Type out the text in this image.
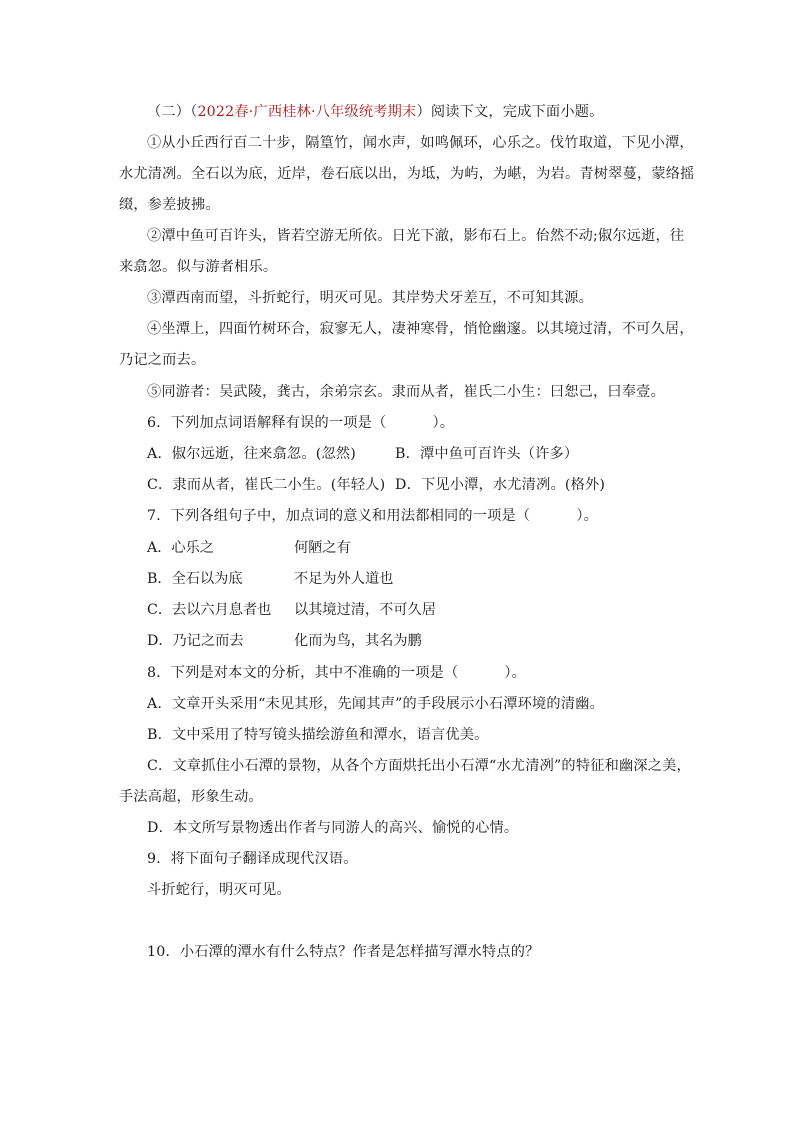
（二）（2022春·广西桂林·八年级统考期末）阅读下文，完成下面小题。
①从小丘西行百二十步，隔篁竹，闻水声，如鸣佩环，心乐之。伐竹取道，下见小潭，
水尤清冽。全石以为底，近岸，卷石底以出，为坻，为屿，为嵁，为岩。青树翠蔓，蒙络摇
缀，参差披拂。
②潭中鱼可百许头，皆若空游无所依。日光下澈，影布石上。佁然不动;俶尔远逝，往
来翕忽。似与游者相乐。
③潭西南而望，斗折蛇行，明灭可见。其岸势犬牙差互，不可知其源。
④坐潭上，四面竹树环合，寂寥无人，凄神寒骨，悄怆幽邃。以其境过清，不可久居，
乃记之而去。
⑤同游者：吴武陵，龚古，余弟宗玄。隶而从者，崔氏二小生：曰恕己，曰奉壹。
6．下列加点词语解释有误的一项是（	）。
A．俶尔远逝，往来翕忽。(忽然)	B．潭中鱼可百许头（许多）
C．隶而从者，崔氏二小生。(年轻人) D．下见小潭，水尤清冽。(格外)
7．下列各组句子中，加点词的意义和用法都相同的一项是（	）。
A．心乐之	何陋之有
B．全石以为底	不足为外人道也
C．去以六月息者也 以其境过清，不可久居
D．乃记之而去	化而为鸟，其名为鹏
8．下列是对本文的分析，其中不准确的一项是（	）。
A．文章开头采用“未见其形，先闻其声”的手段展示小石潭环境的清幽。
B．文中采用了特写镜头描绘游鱼和潭水，语言优美。
C．文章抓住小石潭的景物，从各个方面烘托出小石潭“水尤清冽”的特征和幽深之美，
手法高超，形象生动。
D．本文所写景物透出作者与同游人的高兴、愉悦的心情。
9．将下面句子翻译成现代汉语。
斗折蛇行，明灭可见。
10．小石潭的潭水有什么特点？作者是怎样描写潭水特点的？
